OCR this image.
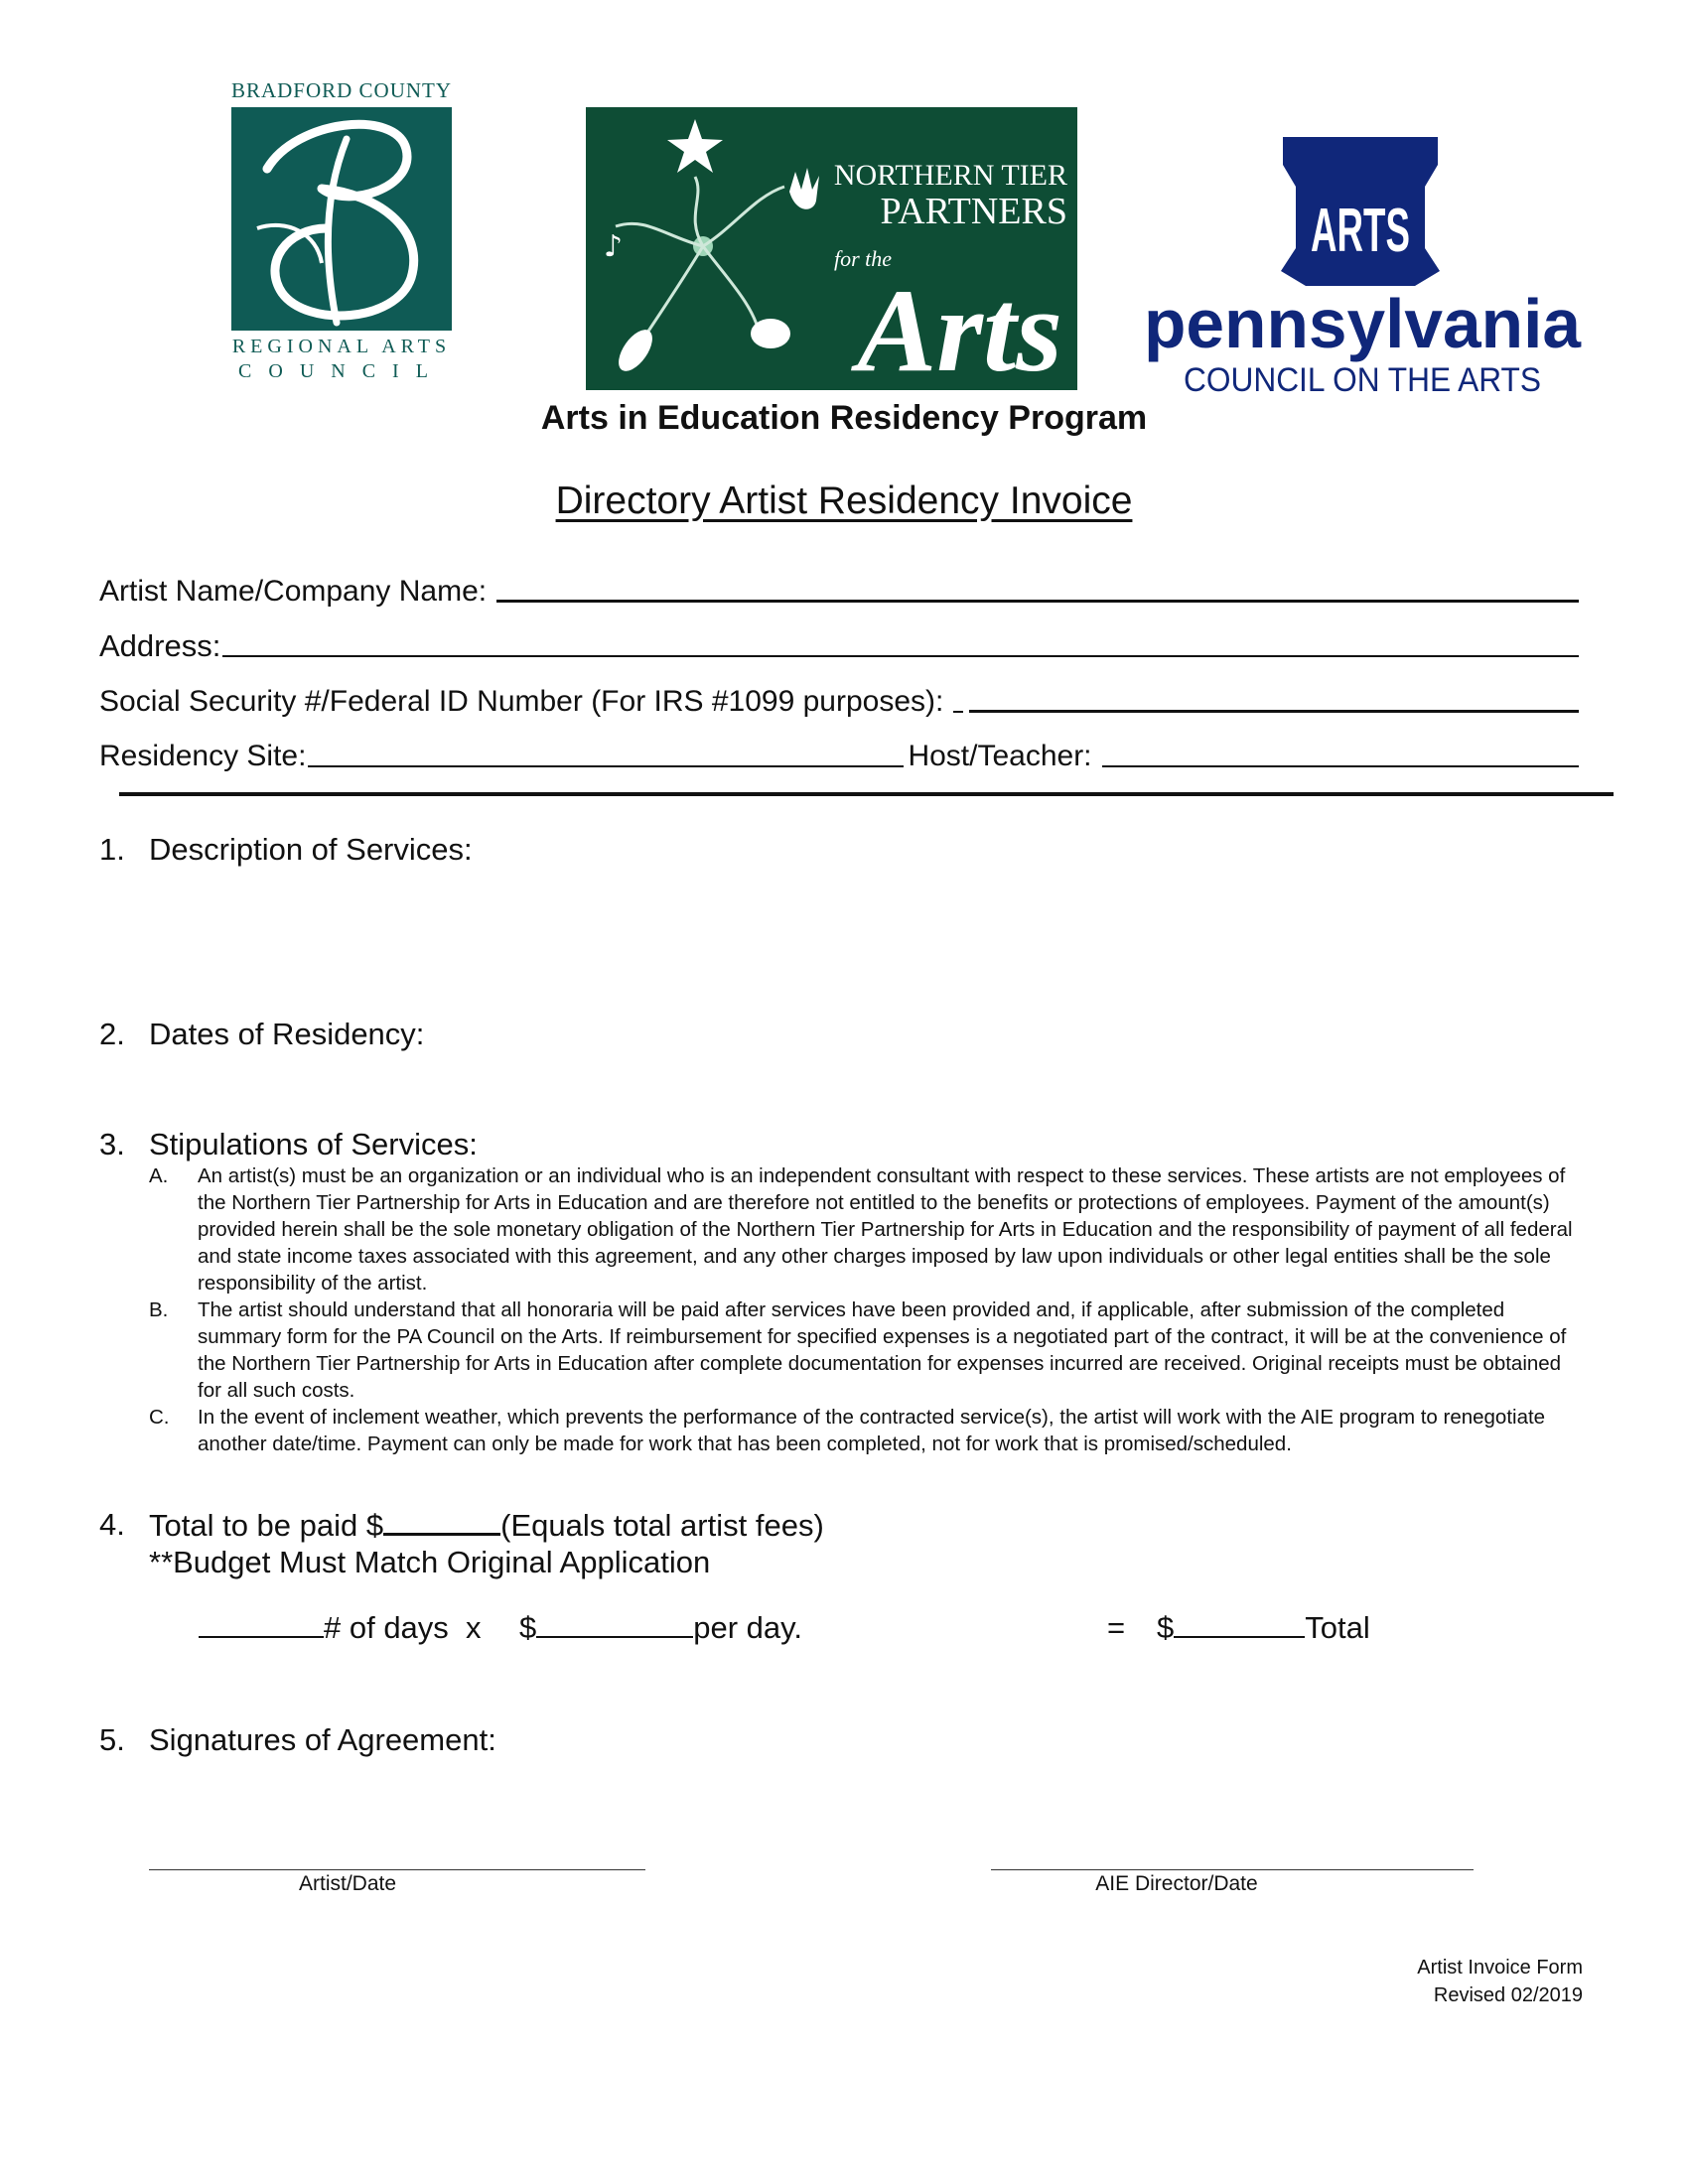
BRADFORD COUNTY
REGIONAL ARTS
COUNCIL
♪
NORTHERN TIER
PARTNERS
for the
Arts
ARTS
pennsylvania
COUNCIL ON THE ARTS
Arts in Education Residency Program
Directory Artist Residency Invoice
Artist Name/Company Name:
Address:
Social Security #/Federal ID Number (For IRS #1099 purposes):
Residency Site:	Host/Teacher:
1. Description of Services:
2. Dates of Residency:
3. Stipulations of Services:
A.	An artist(s) must be an organization or an individual who is an independent consultant with respect to these services. These artists are not employees of the Northern Tier Partnership for Arts in Education and are therefore not entitled to the benefits or protections of employees. Payment of the amount(s) provided herein shall be the sole monetary obligation of the Northern Tier Partnership for Arts in Education and the responsibility of payment of all federal and state income taxes associated with this agreement, and any other charges imposed by law upon individuals or other legal entities shall be the sole responsibility of the artist.
B.	The artist should understand that all honoraria will be paid after services have been provided and, if applicable, after submission of the completed summary form for the PA Council on the Arts. If reimbursement for specified expenses is a negotiated part of the contract, it will be at the convenience of the Northern Tier Partnership for Arts in Education after complete documentation for expenses incurred are received. Original receipts must be obtained for all such costs.
C.	In the event of inclement weather, which prevents the performance of the contracted service(s), the artist will work with the AIE program to renegotiate another date/time. Payment can only be made for work that has been completed, not for work that is promised/scheduled.
4. Total to be paid $	(Equals total artist fees)
**Budget Must Match Original Application
# of days x $	per day.	= $	Total
5. Signatures of Agreement:
Artist/Date	AIE Director/Date
Artist Invoice Form
Revised 02/2019
